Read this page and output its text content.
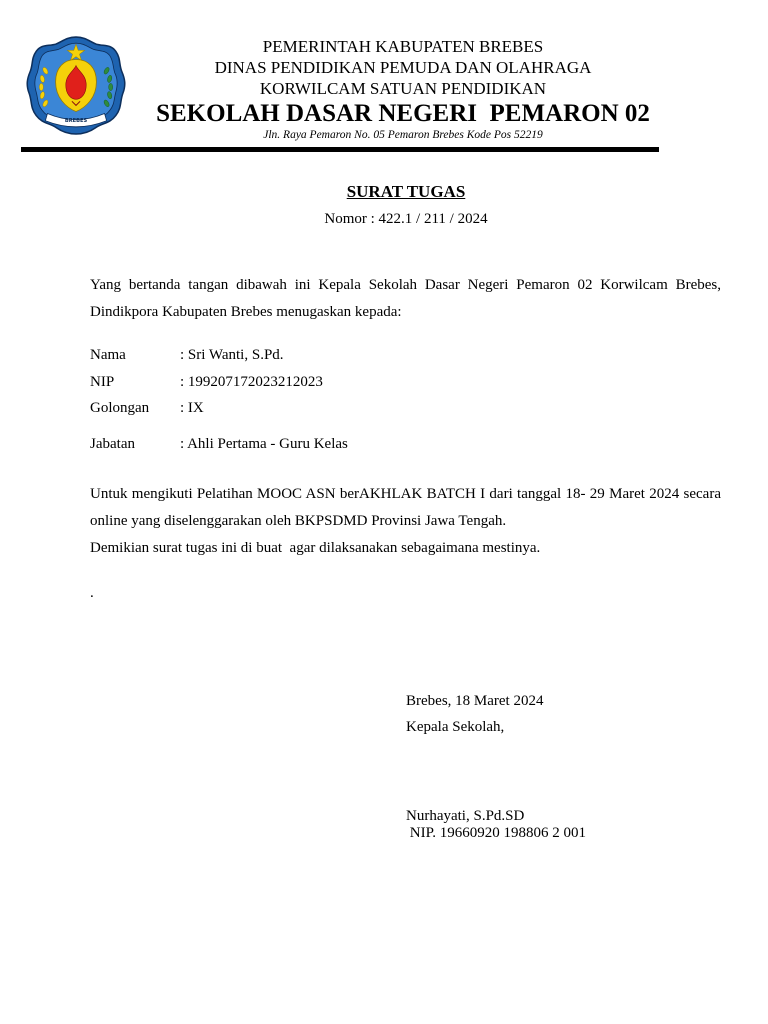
BREBES
PEMERINTAH KABUPATEN BREBES
DINAS PENDIDIKAN PEMUDA DAN OLAHRAGA
KORWILCAM SATUAN PENDIDIKAN
SEKOLAH DASAR NEGERI  PEMARON 02
Jln. Raya Pemaron No. 05 Pemaron Brebes Kode Pos 52219
SURAT TUGAS
Nomor : 422.1 / 211 / 2024
Yang bertanda tangan dibawah ini Kepala Sekolah Dasar Negeri Pemaron 02 Korwilcam Brebes, Dindikpora Kabupaten Brebes menugaskan kepada:
Nama	: Sri Wanti, S.Pd.
NIP	: 199207172023212023
Golongan : IX
Jabatan	: Ahli Pertama - Guru Kelas
Untuk mengikuti Pelatihan MOOC ASN berAKHLAK BATCH I dari tanggal 18- 29 Maret 2024 secara online yang diselenggarakan oleh BKPSDMD Provinsi Jawa Tengah.
Demikian surat tugas ini di buat  agar dilaksanakan sebagaimana mestinya.
.
Brebes, 18 Maret 2024
Kepala Sekolah,
Nurhayati, S.Pd.SD
NIP. 19660920 198806 2 001
